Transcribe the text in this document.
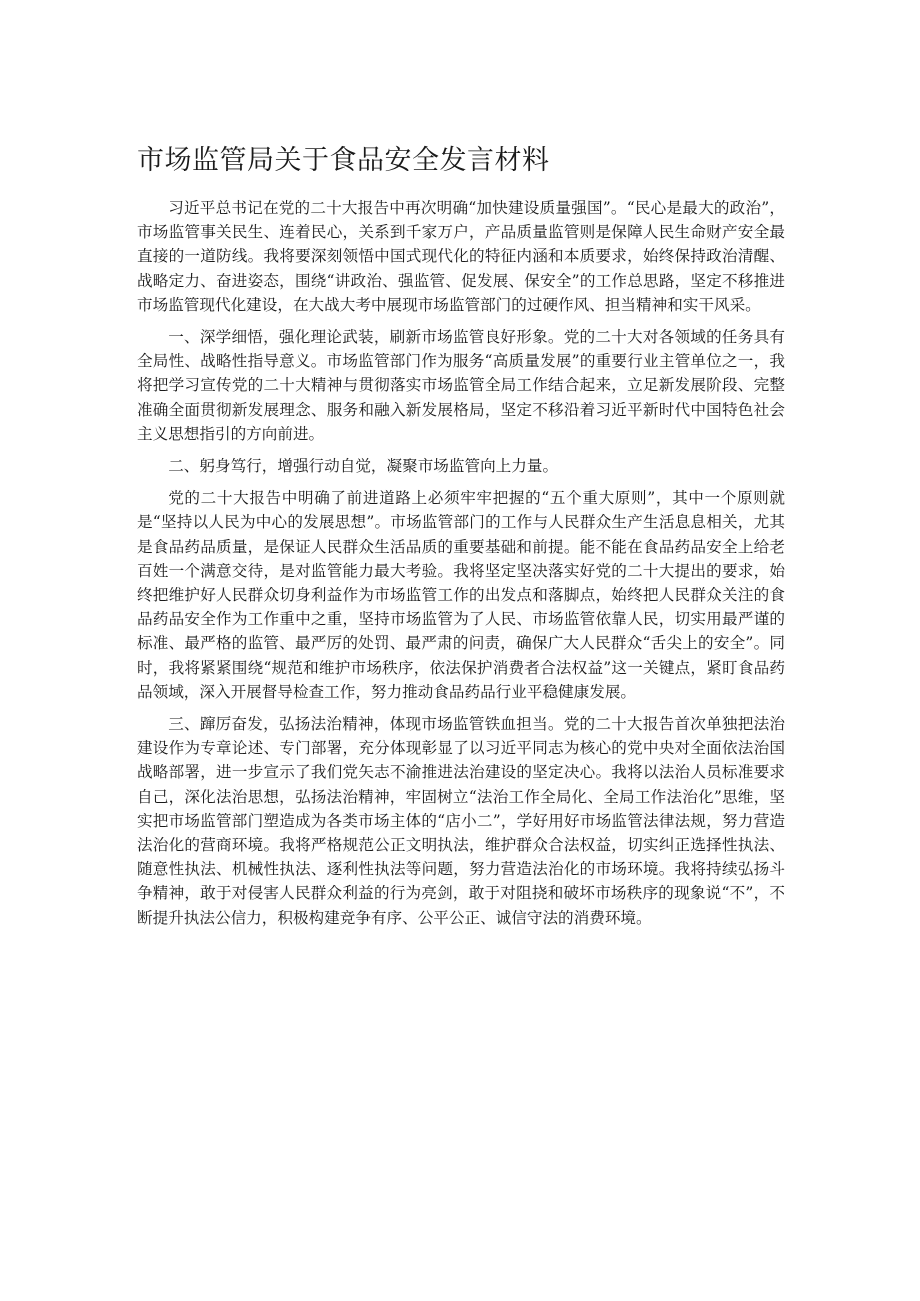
市场监管局关于食品安全发言材料

习近平总书记在党的二十大报告中再次明确“加快建设质量强国”。“民心是最大的政治”，市场监管事关民生、连着民心，关系到千家万户，产品质量监管则是保障人民生命财产安全最直接的一道防线。我将要深刻领悟中国式现代化的特征内涵和本质要求，始终保持政治清醒、战略定力、奋进姿态，围绕“讲政治、强监管、促发展、保安全”的工作总思路，坚定不移推进市场监管现代化建设，在大战大考中展现市场监管部门的过硬作风、担当精神和实干风采。

一、深学细悟，强化理论武装，刷新市场监管良好形象。党的二十大对各领域的任务具有全局性、战略性指导意义。市场监管部门作为服务“高质量发展”的重要行业主管单位之一，我将把学习宣传党的二十大精神与贯彻落实市场监管全局工作结合起来，立足新发展阶段、完整准确全面贯彻新发展理念、服务和融入新发展格局，坚定不移沿着习近平新时代中国特色社会主义思想指引的方向前进。

二、躬身笃行，增强行动自觉，凝聚市场监管向上力量。

党的二十大报告中明确了前进道路上必须牢牢把握的“五个重大原则”，其中一个原则就是“坚持以人民为中心的发展思想”。市场监管部门的工作与人民群众生产生活息息相关，尤其是食品药品质量，是保证人民群众生活品质的重要基础和前提。能不能在食品药品安全上给老百姓一个满意交待，是对监管能力最大考验。我将坚定坚决落实好党的二十大提出的要求，始终把维护好人民群众切身利益作为市场监管工作的出发点和落脚点，始终把人民群众关注的食品药品安全作为工作重中之重，坚持市场监管为了人民、市场监管依靠人民，切实用最严谨的标准、最严格的监管、最严厉的处罚、最严肃的问责，确保广大人民群众“舌尖上的安全”。同时，我将紧紧围绕“规范和维护市场秩序，依法保护消费者合法权益”这一关键点，紧盯食品药品领域，深入开展督导检查工作，努力推动食品药品行业平稳健康发展。

三、蹿厉奋发，弘扬法治精神，体现市场监管铁血担当。党的二十大报告首次单独把法治建设作为专章论述、专门部署，充分体现彰显了以习近平同志为核心的党中央对全面依法治国战略部署，进一步宣示了我们党矢志不渝推进法治建设的坚定决心。我将以法治人员标准要求自己，深化法治思想，弘扬法治精神，牢固树立“法治工作全局化、全局工作法治化”思维，坚实把市场监管部门塑造成为各类市场主体的“店小二”，学好用好市场监管法律法规，努力营造法治化的营商环境。我将严格规范公正文明执法，维护群众合法权益，切实纠正选择性执法、随意性执法、机械性执法、逐利性执法等问题，努力营造法治化的市场环境。我将持续弘扬斗争精神，敢于对侵害人民群众利益的行为亮剑，敢于对阻挠和破坏市场秩序的现象说“不”，不断提升执法公信力，积极构建竞争有序、公平公正、诚信守法的消费环境。
